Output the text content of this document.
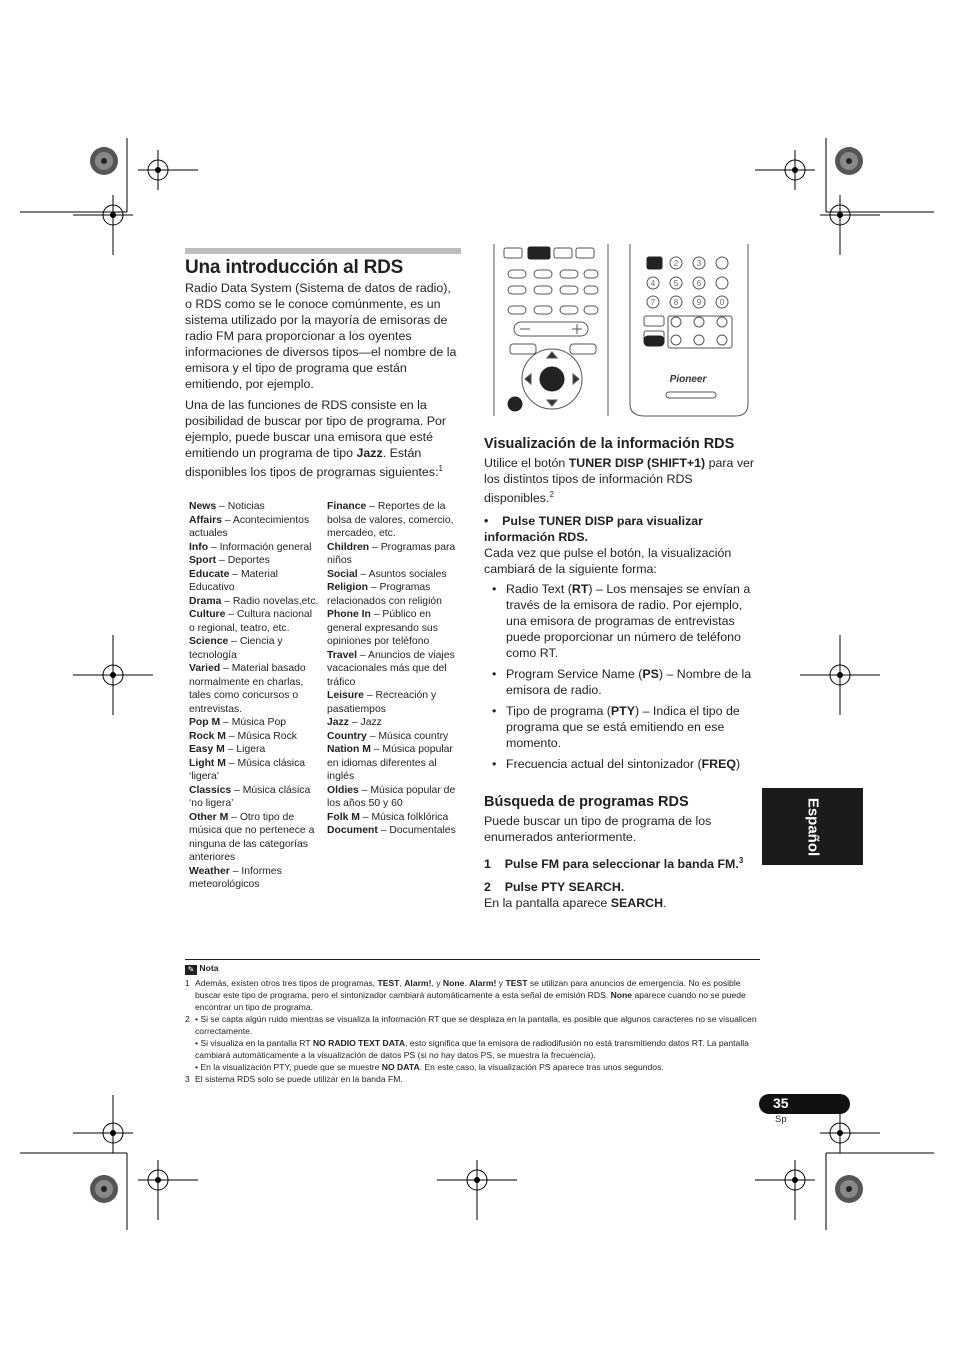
Una introducción al RDS
Radio Data System (Sistema de datos de radio), o RDS como se le conoce comúnmente, es un sistema utilizado por la mayoría de emisoras de radio FM para proporcionar a los oyentes informaciones de diversos tipos—el nombre de la emisora y el tipo de programa que están emitiendo, por ejemplo.
Una de las funciones de RDS consiste en la posibilidad de buscar por tipo de programa. Por ejemplo, puede buscar una emisora que esté emitiendo un programa de tipo Jazz. Están disponibles los tipos de programas siguientes:$^1$
News – Noticias
Affairs – Acontecimientos actuales
Info – Información general
Sport – Deportes
Educate – Material Educativo
Drama – Radio novelas,etc.
Culture – Cultura nacional o regional, teatro, etc.
Science – Ciencia y tecnología
Varied – Material basado normalmente en charlas, tales como concursos o entrevistas.
Pop M – Música Pop
Rock M – Música Rock
Easy M – Ligera
Light M – Música clásica ‘ligera’
Classics – Música clásica ‘no ligera’
Other M – Otro tipo de música que no pertenece a ninguna de las categorías anteriores
Weather – Informes meteorológicos
Finance – Reportes de la bolsa de valores, comercio, mercadeo, etc.
Children – Programas para niños
Social – Asuntos sociales
Religion – Programas relacionados con religión
Phone In – Público en general expresando sus opiniones por teléfono
Travel – Anuncios de viajes vacacionales más que del tráfico
Leisure – Recreación y pasatiempos
Jazz – Jazz
Country – Música country
Nation M – Música popular en idiomas diferentes al inglés
Oldies – Música popular de los años 50 y 60
Folk M – Música folklórica
Document – Documentales
2 3
4 5 6
7 8 9 0
Pioneer
Visualización de la información RDS
Utilice el botón TUNER DISP (SHIFT+1) para ver los distintos tipos de información RDS disponibles.$^2$
• Pulse TUNER DISP para visualizar información RDS.
Cada vez que pulse el botón, la visualización cambiará de la siguiente forma:
• Radio Text (RT) – Los mensajes se envían a través de la emisora de radio. Por ejemplo, una emisora de programas de entrevistas puede proporcionar un número de teléfono como RT.
• Program Service Name (PS) – Nombre de la emisora de radio.
• Tipo de programa (PTY) – Indica el tipo de programa que se está emitiendo en ese momento.
• Frecuencia actual del sintonizador (FREQ)
Búsqueda de programas RDS
Puede buscar un tipo de programa de los enumerados anteriormente.
1 Pulse FM para seleccionar la banda FM.$^3$
2 Pulse PTY SEARCH.
En la pantalla aparece SEARCH.
Español
✎ Nota
1 Además, existen otros tres tipos de programas, TEST, Alarm!, y None. Alarm! y TEST se utilizan para anuncios de emergencia. No es posible buscar este tipo de programa, pero el sintonizador cambiará automáticamente a esta señal de emisión RDS. None aparece cuando no se puede encontrar un tipo de programa.
2 • Si se capta algún ruido mientras se visualiza la información RT que se desplaza en la pantalla, es posible que algunos caracteres no se visualicen correctamente.
• Si visualiza en la pantalla RT NO RADIO TEXT DATA, esto significa que la emisora de radiodifusión no está transmitiendo datos RT. La pantalla cambiará automáticamente a la visualización de datos PS (si no hay datos PS, se muestra la frecuencia).
• En la visualización PTY, puede que se muestre NO DATA. En este caso, la visualización PS aparece tras unos segundos.
3 El sistema RDS solo se puede utilizar en la banda FM.
35
Sp
